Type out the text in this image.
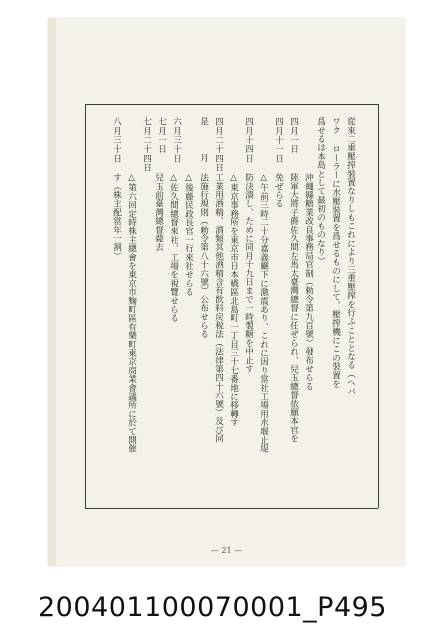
從來二重壓搾裝置なりしもこれにより三重壓搾を行ふこととなる（ヘバ
ワク ローラーに水壓裝置を爲せるものにして、壓搾機にこの裝置を
爲せるは本島として最初のものなり）
四月一日
沖繩縣糖業改良事務局官制（勅令第九百號）發布せらる
四月十一日
陸軍大將子爵佐久間左馬太臺灣總督に任ぜられ、兒玉總督依願本官を
免ぜらる
四月十四日
△午前三時二十分嘉義廳下に激震あり、これに因り當社工場用水堰止堤
防決潰し、ために同月十九日まで一時製糖を中止す
四月二十四日
△東京事務所を東京市日本橋區北島町一丁目三十七番地に移轉す
是月
工業用酒精、酒類其他酒精含有飲料戻稅法（法律第四十六號）及び同
法施行規則（勅令第八十六號）公布せらる
六月三十日
△後藤民政長官一行來社せらる
七月一日
△佐久間總督來社、工場を視覽せらる
七月二十四日
兒玉前臺灣總督薨去
八月三十日
△第六回定時株主總會を東京市麴町區有樂町東京商業會議所に於て開催
す（株主配當年一割）
— 21 —
200401100070001_P495
